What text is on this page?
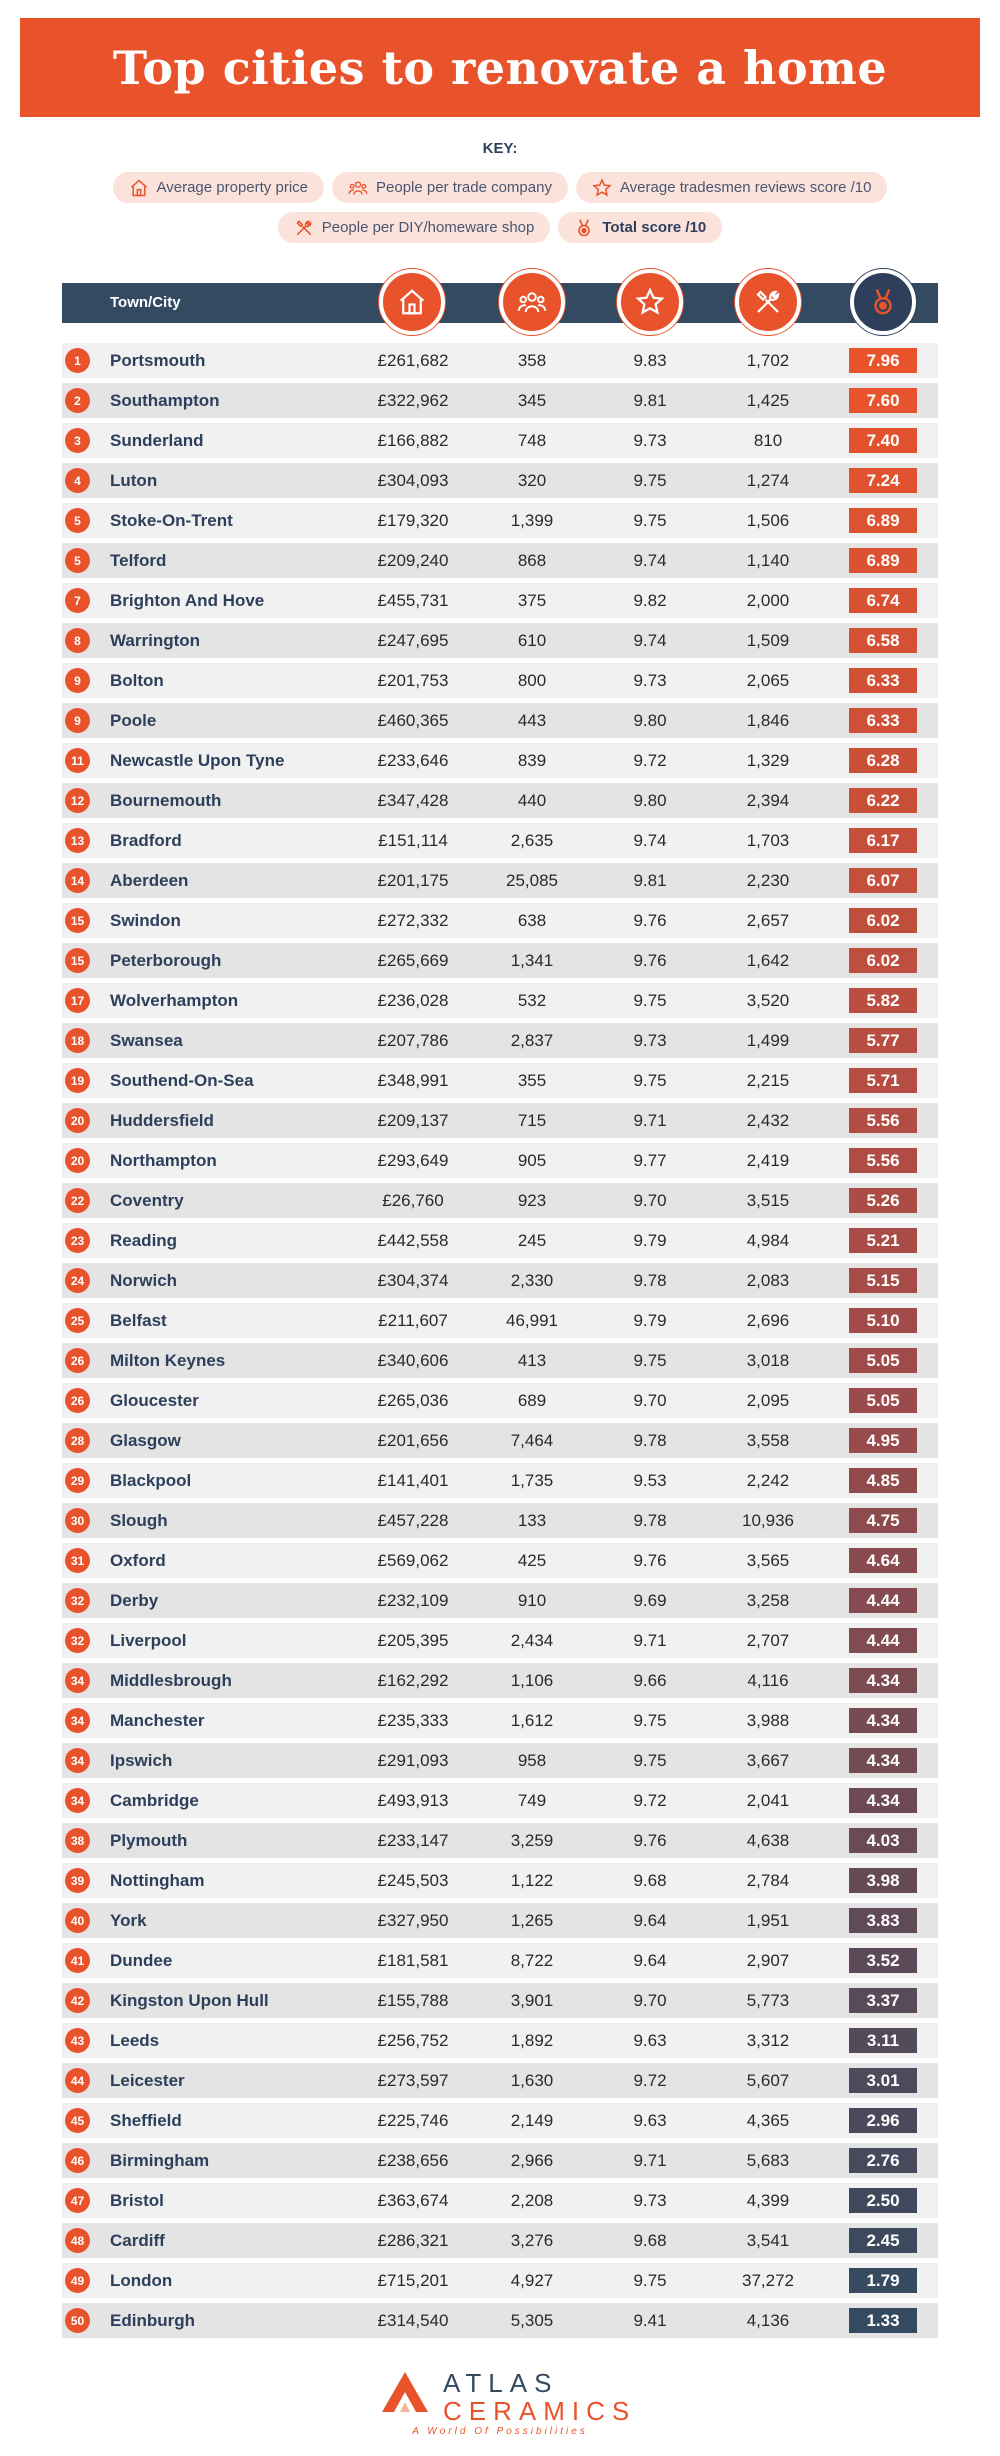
Top cities to renovate a home
KEY:
Average property price	People per trade company	Average tradesmen reviews score /10
People per DIY/homeware shop	Total score /10
Town/City
1	Portsmouth	£261,682	358	9.83	1,702	7.96
2	Southampton	£322,962	345	9.81	1,425	7.60
3	Sunderland	£166,882	748	9.73	810	7.40
4	Luton	£304,093	320	9.75	1,274	7.24
5	Stoke-On-Trent	£179,320	1,399	9.75	1,506	6.89
5	Telford	£209,240	868	9.74	1,140	6.89
7	Brighton And Hove	£455,731	375	9.82	2,000	6.74
8	Warrington	£247,695	610	9.74	1,509	6.58
9	Bolton	£201,753	800	9.73	2,065	6.33
9	Poole	£460,365	443	9.80	1,846	6.33
11	Newcastle Upon Tyne	£233,646	839	9.72	1,329	6.28
12	Bournemouth	£347,428	440	9.80	2,394	6.22
13	Bradford	£151,114	2,635	9.74	1,703	6.17
14	Aberdeen	£201,175	25,085	9.81	2,230	6.07
15	Swindon	£272,332	638	9.76	2,657	6.02
15	Peterborough	£265,669	1,341	9.76	1,642	6.02
17	Wolverhampton	£236,028	532	9.75	3,520	5.82
18	Swansea	£207,786	2,837	9.73	1,499	5.77
19	Southend-On-Sea	£348,991	355	9.75	2,215	5.71
20	Huddersfield	£209,137	715	9.71	2,432	5.56
20	Northampton	£293,649	905	9.77	2,419	5.56
22	Coventry	£26,760	923	9.70	3,515	5.26
23	Reading	£442,558	245	9.79	4,984	5.21
24	Norwich	£304,374	2,330	9.78	2,083	5.15
25	Belfast	£211,607	46,991	9.79	2,696	5.10
26	Milton Keynes	£340,606	413	9.75	3,018	5.05
26	Gloucester	£265,036	689	9.70	2,095	5.05
28	Glasgow	£201,656	7,464	9.78	3,558	4.95
29	Blackpool	£141,401	1,735	9.53	2,242	4.85
30	Slough	£457,228	133	9.78	10,936	4.75
31	Oxford	£569,062	425	9.76	3,565	4.64
32	Derby	£232,109	910	9.69	3,258	4.44
32	Liverpool	£205,395	2,434	9.71	2,707	4.44
34	Middlesbrough	£162,292	1,106	9.66	4,116	4.34
34	Manchester	£235,333	1,612	9.75	3,988	4.34
34	Ipswich	£291,093	958	9.75	3,667	4.34
34	Cambridge	£493,913	749	9.72	2,041	4.34
38	Plymouth	£233,147	3,259	9.76	4,638	4.03
39	Nottingham	£245,503	1,122	9.68	2,784	3.98
40	York	£327,950	1,265	9.64	1,951	3.83
41	Dundee	£181,581	8,722	9.64	2,907	3.52
42	Kingston Upon Hull	£155,788	3,901	9.70	5,773	3.37
43	Leeds	£256,752	1,892	9.63	3,312	3.11
44	Leicester	£273,597	1,630	9.72	5,607	3.01
45	Sheffield	£225,746	2,149	9.63	4,365	2.96
46	Birmingham	£238,656	2,966	9.71	5,683	2.76
47	Bristol	£363,674	2,208	9.73	4,399	2.50
48	Cardiff	£286,321	3,276	9.68	3,541	2.45
49	London	£715,201	4,927	9.75	37,272	1.79
50	Edinburgh	£314,540	5,305	9.41	4,136	1.33
ATLAS
CERAMICS
A World Of Possibilities
